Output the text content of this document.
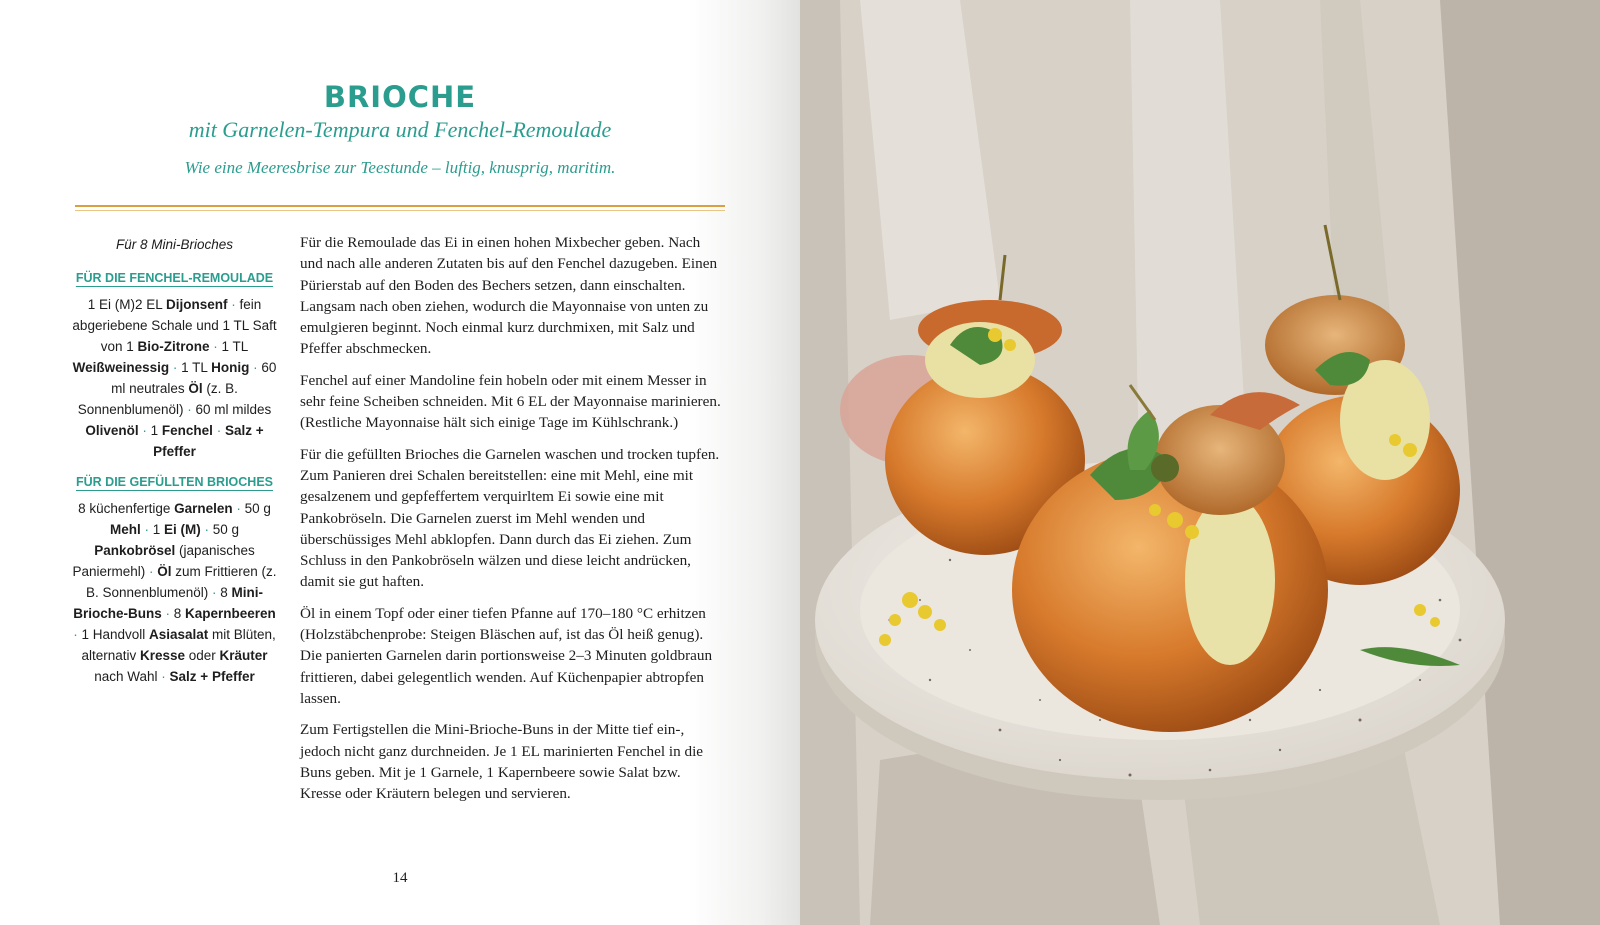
BRIOCHE
mit Garnelen-Tempura und Fenchel-Remoulade
Wie eine Meeresbrise zur Teestunde – luftig, knusprig, maritim.
Für 8 Mini-Brioches
FÜR DIE FENCHEL-REMOULADE
1 Ei (M)2 EL Dijonsenf · fein abgeriebene Schale und 1 TL Saft von 1 Bio-Zitrone · 1 TL Weißweinessig · 1 TL Honig · 60 ml neutrales Öl (z. B. Sonnenblumenöl) · 60 ml mildes Olivenöl · 1 Fenchel · Salz + Pfeffer
FÜR DIE GEFÜLLTEN BRIOCHES
8 küchenfertige Garnelen · 50 g Mehl · 1 Ei (M) · 50 g Pankobrösel (japanisches Paniermehl) · Öl zum Frittieren (z. B. Sonnenblumenöl) · 8 Mini-Brioche-Buns · 8 Kapernbeeren · 1 Handvoll Asiasalat mit Blüten, alternativ Kresse oder Kräuter nach Wahl · Salz + Pfeffer

Für die Remoulade das Ei in einen hohen Mixbecher geben. Nach und nach alle anderen Zutaten bis auf den Fenchel dazugeben. Einen Pürierstab auf den Boden des Bechers setzen, dann einschalten. Langsam nach oben ziehen, wodurch die Mayonnaise von unten zu emulgieren beginnt. Noch einmal kurz durchmixen, mit Salz und Pfeffer abschmecken.

Fenchel auf einer Mandoline fein hobeln oder mit einem Messer in sehr feine Scheiben schneiden. Mit 6 EL der Mayonnaise marinieren. (Restliche Mayonnaise hält sich einige Tage im Kühlschrank.)

Für die gefüllten Brioches die Garnelen waschen und trocken tupfen. Zum Panieren drei Schalen bereitstellen: eine mit Mehl, eine mit gesalzenem und gepfeffertem verquirltem Ei sowie eine mit Pankobröseln. Die Garnelen zuerst im Mehl wenden und überschüssiges Mehl abklopfen. Dann durch das Ei ziehen. Zum Schluss in den Pankobröseln wälzen und diese leicht andrücken, damit sie gut haften.

Öl in einem Topf oder einer tiefen Pfanne auf 170–180 °C erhitzen (Holzstäbchenprobe: Steigen Bläschen auf, ist das Öl heiß genug). Die panierten Garnelen darin portionsweise 2–3 Minuten goldbraun frittieren, dabei gelegentlich wenden. Auf Küchenpapier abtropfen lassen.

Zum Fertigstellen die Mini-Brioche-Buns in der Mitte tief ein-, jedoch nicht ganz durchneiden. Je 1 EL marinierten Fenchel in die Buns geben. Mit je 1 Garnele, 1 Kapernbeere sowie Salat bzw. Kresse oder Kräutern belegen und servieren.

14
